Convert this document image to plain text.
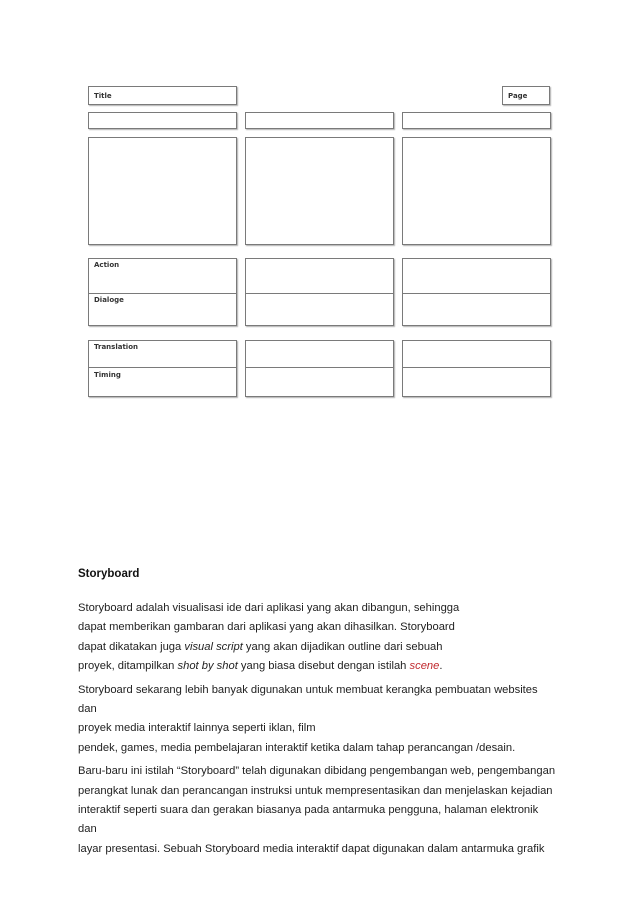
Title	Page
Action
Dialoge
Translation
Timing
Storyboard

Storyboard adalah visualisasi ide dari aplikasi yang akan dibangun, sehingga
dapat memberikan gambaran dari aplikasi yang akan dihasilkan. Storyboard
dapat dikatakan juga visual script yang akan dijadikan outline dari sebuah
proyek, ditampilkan shot by shot yang biasa disebut dengan istilah scene.

Storyboard sekarang lebih banyak digunakan untuk membuat kerangka pembuatan websites dan
proyek media interaktif lainnya seperti iklan, film
pendek, games, media pembelajaran interaktif ketika dalam tahap perancangan /desain.

Baru-baru ini istilah “Storyboard” telah digunakan dibidang pengembangan web, pengembangan
perangkat lunak dan perancangan instruksi untuk mempresentasikan dan menjelaskan kejadian
interaktif seperti suara dan gerakan biasanya pada antarmuka pengguna, halaman elektronik dan
layar presentasi. Sebuah Storyboard media interaktif dapat digunakan dalam antarmuka grafik
